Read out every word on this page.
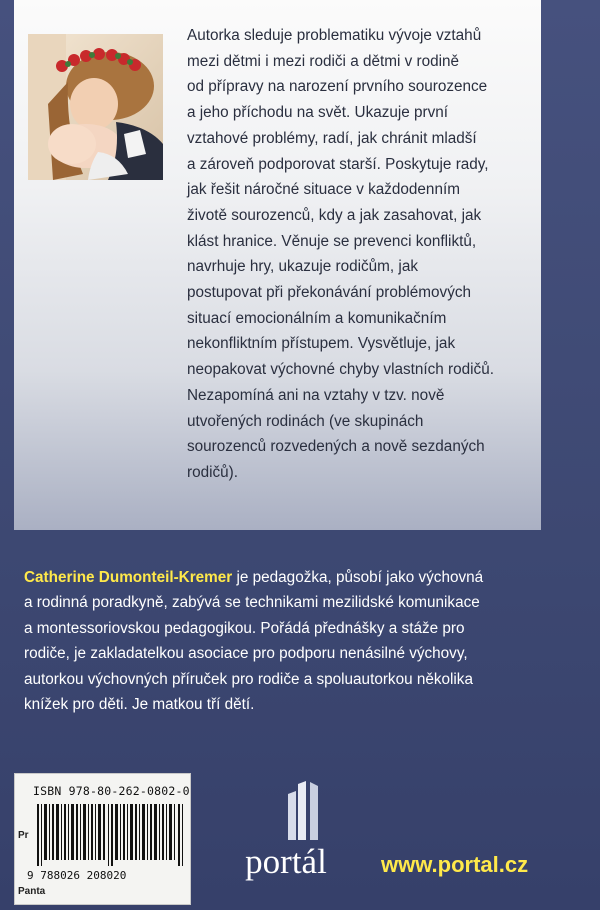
Autorka sleduje problematiku vývoje vztahů
mezi dětmi i mezi rodiči a dětmi v rodině
od přípravy na narození prvního sourozence
a jeho příchodu na svět. Ukazuje první
vztahové problémy, radí, jak chránit mladší
a zároveň podporovat starší. Poskytuje rady,
jak řešit náročné situace v každodenním
životě sourozenců, kdy a jak zasahovat, jak
klást hranice. Věnuje se prevenci konfliktů,
navrhuje hry, ukazuje rodičům, jak
postupovat při překonávání problémových
situací emocionálním a komunikačním
nekonfliktním přístupem. Vysvětluje, jak
neopakovat výchovné chyby vlastních rodičů.
Nezapomíná ani na vztahy v tzv. nově
utvořených rodinách (ve skupinách
sourozenců rozvedených a nově sezdaných
rodičů).

Catherine Dumonteil-Kremer je pedagožka, působí jako výchovná
a rodinná poradkyně, zabývá se technikami mezilidské komunikace
a montessoriovskou pedagogikou. Pořádá přednášky a stáže pro
rodiče, je zakladatelkou asociace pro podporu nenásilné výchovy,
autorkou výchovných příruček pro rodiče a spoluautorkou několika
knížek pro děti. Je matkou tří dětí.

ISBN 978-80-262-0802-0
9 788026 208020
Pr
Panta
portál	www.portal.cz
